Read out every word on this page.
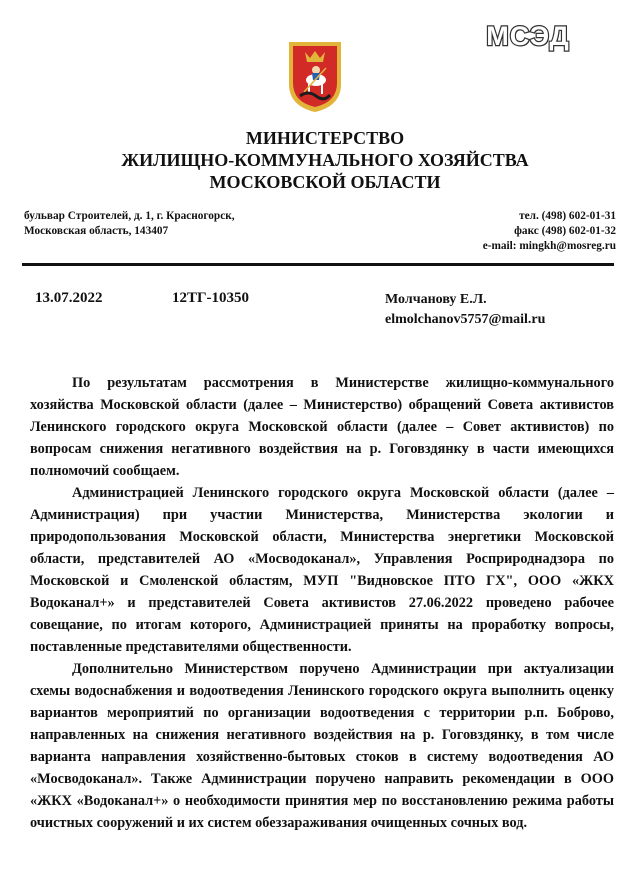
МСЭД
МИНИСТЕРСТВО
ЖИЛИЩНО-КОММУНАЛЬНОГО ХОЗЯЙСТВА
МОСКОВСКОЙ ОБЛАСТИ
бульвар Строителей, д. 1, г. Красногорск,
Московская область, 143407
тел. (498) 602-01-31
факс (498) 602-01-32
e-mail: mingkh@mosreg.ru
13.07.2022	12ТГ-10350	Молчанову Е.Л.
elmolchanov5757@mail.ru

По результатам рассмотрения в Министерстве жилищно-коммунального хозяйства Московской области (далее – Министерство) обращений Совета активистов Ленинского городского округа Московской области (далее – Совет активистов) по вопросам снижения негативного воздействия на р. Гоговздянку в части имеющихся полномочий сообщаем.

Администрацией Ленинского городского округа Московской области (далее – Администрация) при участии Министерства, Министерства экологии и природопользования Московской области, Министерства энергетики Московской области, представителей АО «Мосводоканал», Управления Росприроднадзора по Московской и Смоленской областям, МУП "Видновское ПТО ГХ", ООО «ЖКХ Водоканал+» и представителей Совета активистов 27.06.2022 проведено рабочее совещание, по итогам которого, Администрацией приняты на проработку вопросы, поставленные представителями общественности.

Дополнительно Министерством поручено Администрации при актуализации схемы водоснабжения и водоотведения Ленинского городского округа выполнить оценку вариантов мероприятий по организации водоотведения с территории р.п. Боброво, направленных на снижения негативного воздействия на р. Гоговздянку, в том числе варианта направления хозяйственно-бытовых стоков в систему водоотведения АО «Мосводоканал». Также Администрации поручено направить рекомендации в ООО «ЖКХ «Водоканал+» о необходимости принятия мер по восстановлению режима работы очистных сооружений и их систем обеззараживания очищенных сочных вод.
